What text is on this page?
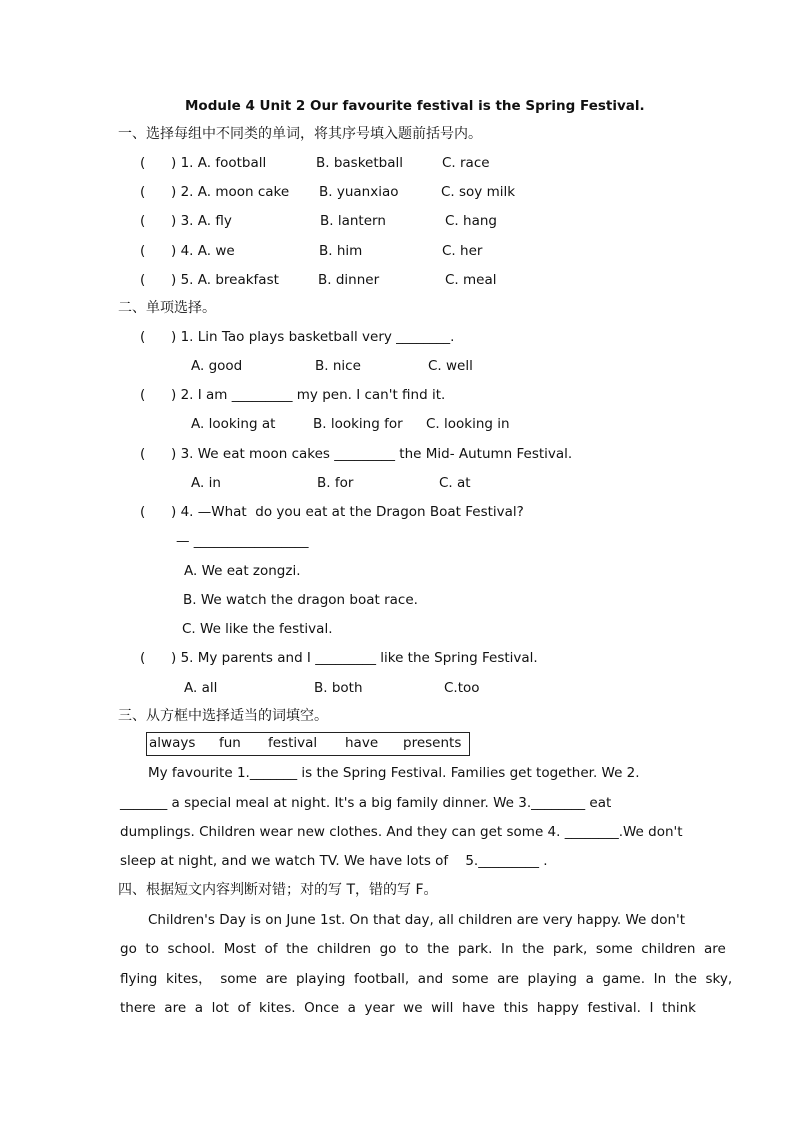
Module 4 Unit 2 Our favourite festival is the Spring Festival.
一、选择每组中不同类的单词，将其序号填入题前括号内。
(      ) 1. A. football	B. basketball	C. race
(      ) 2. A. moon cake B. yuanxiao	C. soy milk
(      ) 3. A. fly	B. lantern	C. hang
(      ) 4. A. we	B. him	C. her
(      ) 5. A. breakfast	B. dinner	C. meal
二、单项选择。
(      ) 1. Lin Tao plays basketball very ________.
A. good	B. nice	C. well
(      ) 2. I am _________ my pen. I can't find it.
A. looking at	B. looking for C. looking in
(      ) 3. We eat moon cakes _________ the Mid- Autumn Festival.
A. in	B. for	C. at
(      ) 4. —What  do you eat at the Dragon Boat Festival?
— _________________
A. We eat zongzi.
B. We watch the dragon boat race.
C. We like the festival.
(      ) 5. My parents and I _________ like the Spring Festival.
A. all	B. both	C.too
三、从方框中选择适当的词填空。
always fun festival have presents
My favourite 1._______ is the Spring Festival. Families get together. We 2.
_______ a special meal at night. It's a big family dinner. We 3.________ eat
dumplings. Children wear new clothes. And they can get some 4. ________.We don't
sleep at night, and we watch TV. We have lots of    5._________ .
四、根据短文内容判断对错；对的写 T，错的写 F。
Children's Day is on June 1st. On that day, all children are very happy. We don't
go  to  school.  Most  of  the  children  go  to  the  park.  In  the  park,  some  children  are
flying  kites，  some  are  playing  football,  and  some  are  playing  a  game.  In  the  sky,
there  are  a  lot  of  kites.  Once  a  year  we  will  have  this  happy  festival.  I  think
